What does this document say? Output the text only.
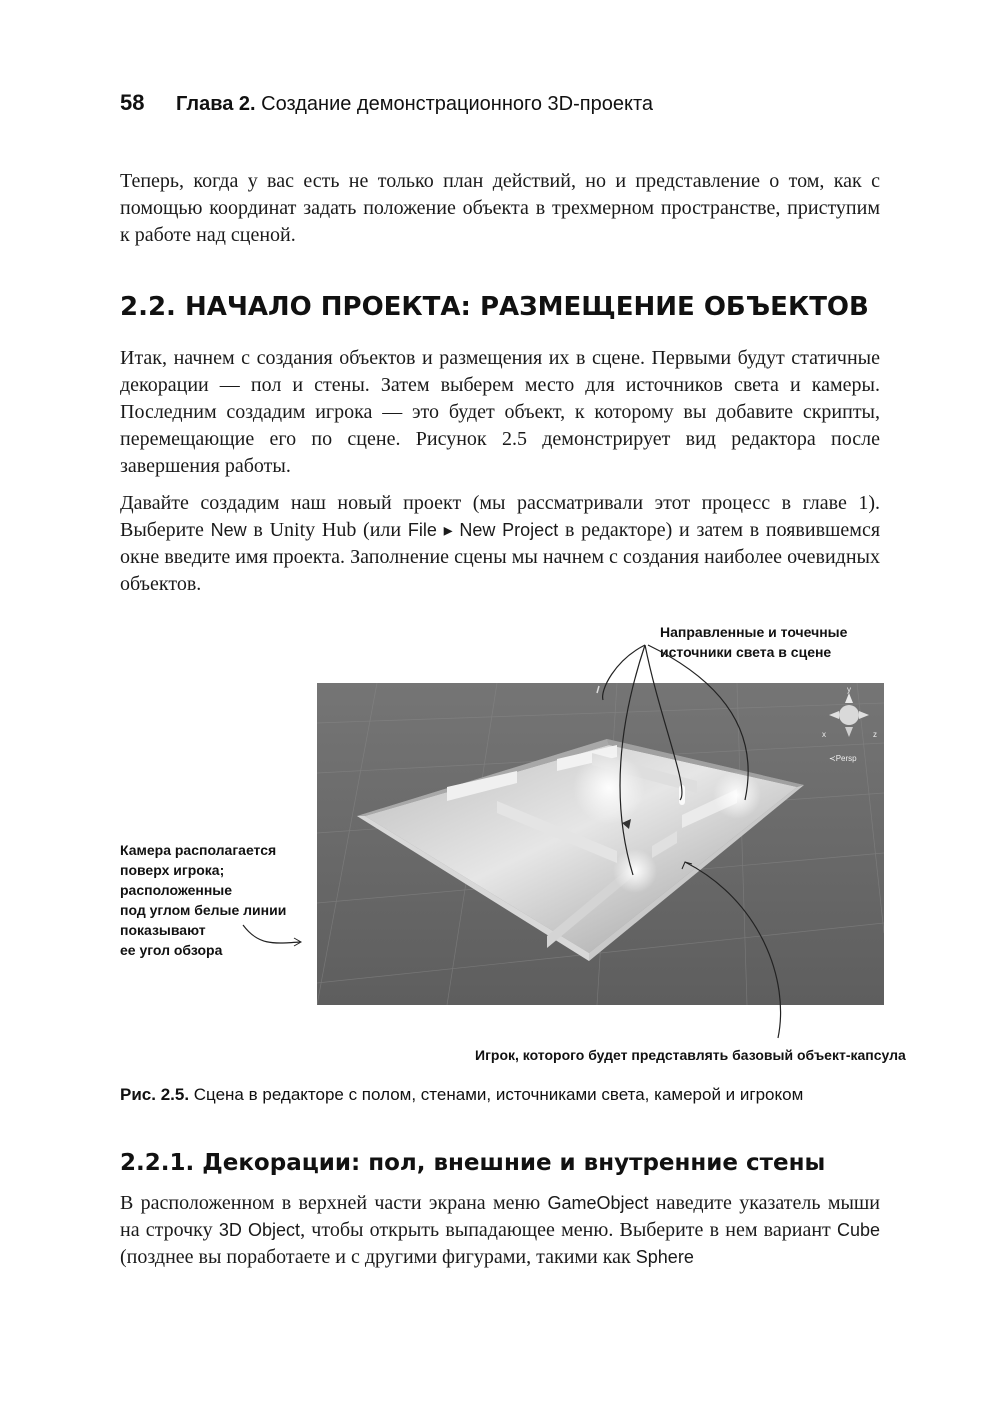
58 Глава 2. Создание демонстрационного 3D-проекта

Теперь, когда у вас есть не только план действий, но и представление о том, как с помощью координат задать положение объекта в трехмерном пространстве, приступим к работе над сценой.

2.2. НАЧАЛО ПРОЕКТА: РАЗМЕЩЕНИЕ ОБЪЕКТОВ

Итак, начнем с создания объектов и размещения их в сцене. Первыми будут статичные декорации — пол и стены. Затем выберем место для источников света и камеры. Последним создадим игрока — это будет объект, к которому вы добавите скрипты, перемещающие его по сцене. Рисунок 2.5 демонстрирует вид редактора после завершения работы.

Давайте создадим наш новый проект (мы рассматривали этот процесс в главе 1). Выберите New в Unity Hub (или File ▸ New Project в редакторе) и затем в появившемся окне введите имя проекта. Заполнение сцены мы начнем с создания наиболее очевидных объектов.

y
x	z
≺Persp
Направленные и точечные
источники света в сцене
Камера располагается
поверх игрока;
расположенные
под углом белые линии
показывают
ее угол обзора
Игрок, которого будет представлять базовый объект-капсула
Рис. 2.5. Сцена в редакторе с полом, стенами, источниками света, камерой и игроком
2.2.1. Декорации: пол, внешние и внутренние стены

В расположенном в верхней части экрана меню GameObject наведите указатель мыши на строчку 3D Object, чтобы открыть выпадающее меню. Выберите в нем вариант Cube (позднее вы поработаете и с другими фигурами, такими как Sphere
